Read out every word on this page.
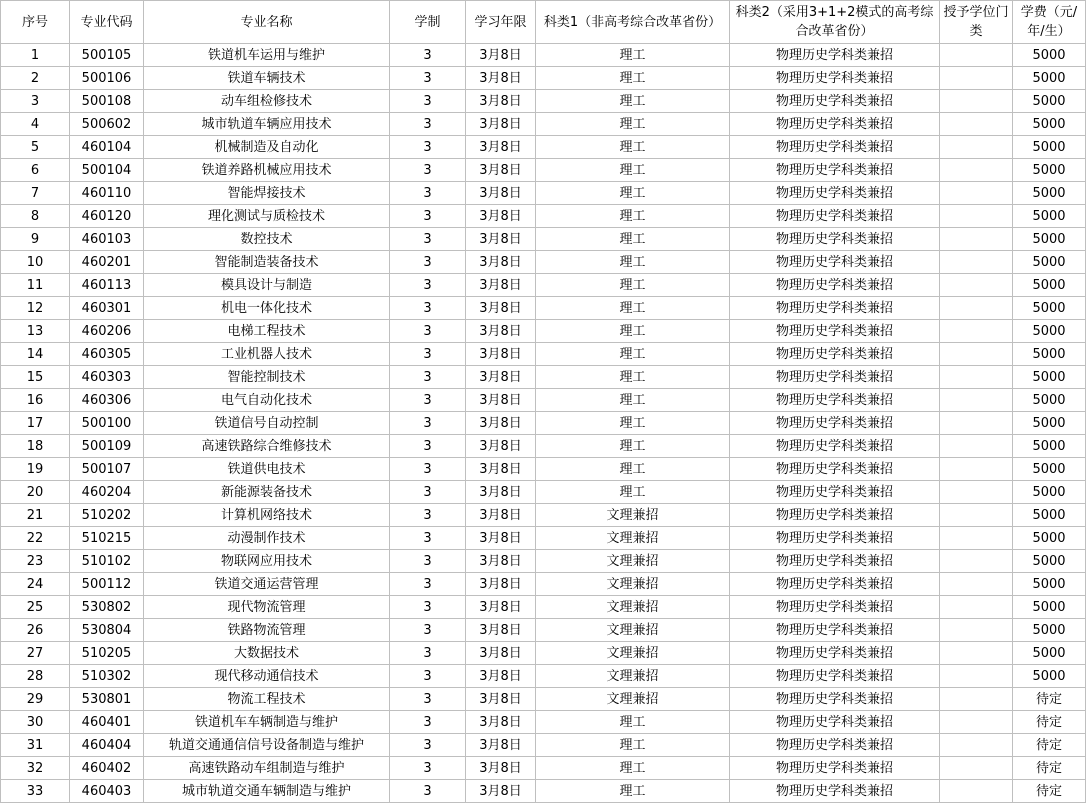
序号	专业代码	专业名称	学制	学习年限	科类1（非高考综合改革省份）	科类2（采用3+1+2模式的高考综合改革省份）	授予学位门类	学费（元/年/生）
1	500105	铁道机车运用与维护	3	3月8日	理工	物理历史学科类兼招		5000
2	500106	铁道车辆技术	3	3月8日	理工	物理历史学科类兼招		5000
3	500108	动车组检修技术	3	3月8日	理工	物理历史学科类兼招		5000
4	500602	城市轨道车辆应用技术	3	3月8日	理工	物理历史学科类兼招		5000
5	460104	机械制造及自动化	3	3月8日	理工	物理历史学科类兼招		5000
6	500104	铁道养路机械应用技术	3	3月8日	理工	物理历史学科类兼招		5000
7	460110	智能焊接技术	3	3月8日	理工	物理历史学科类兼招		5000
8	460120	理化测试与质检技术	3	3月8日	理工	物理历史学科类兼招		5000
9	460103	数控技术	3	3月8日	理工	物理历史学科类兼招		5000
10	460201	智能制造装备技术	3	3月8日	理工	物理历史学科类兼招		5000
11	460113	模具设计与制造	3	3月8日	理工	物理历史学科类兼招		5000
12	460301	机电一体化技术	3	3月8日	理工	物理历史学科类兼招		5000
13	460206	电梯工程技术	3	3月8日	理工	物理历史学科类兼招		5000
14	460305	工业机器人技术	3	3月8日	理工	物理历史学科类兼招		5000
15	460303	智能控制技术	3	3月8日	理工	物理历史学科类兼招		5000
16	460306	电气自动化技术	3	3月8日	理工	物理历史学科类兼招		5000
17	500100	铁道信号自动控制	3	3月8日	理工	物理历史学科类兼招		5000
18	500109	高速铁路综合维修技术	3	3月8日	理工	物理历史学科类兼招		5000
19	500107	铁道供电技术	3	3月8日	理工	物理历史学科类兼招		5000
20	460204	新能源装备技术	3	3月8日	理工	物理历史学科类兼招		5000
21	510202	计算机网络技术	3	3月8日	文理兼招	物理历史学科类兼招		5000
22	510215	动漫制作技术	3	3月8日	文理兼招	物理历史学科类兼招		5000
23	510102	物联网应用技术	3	3月8日	文理兼招	物理历史学科类兼招		5000
24	500112	铁道交通运营管理	3	3月8日	文理兼招	物理历史学科类兼招		5000
25	530802	现代物流管理	3	3月8日	文理兼招	物理历史学科类兼招		5000
26	530804	铁路物流管理	3	3月8日	文理兼招	物理历史学科类兼招		5000
27	510205	大数据技术	3	3月8日	文理兼招	物理历史学科类兼招		5000
28	510302	现代移动通信技术	3	3月8日	文理兼招	物理历史学科类兼招		5000
29	530801	物流工程技术	3	3月8日	文理兼招	物理历史学科类兼招		待定
30	460401	铁道机车车辆制造与维护	3	3月8日	理工	物理历史学科类兼招		待定
31	460404	轨道交通通信信号设备制造与维护	3	3月8日	理工	物理历史学科类兼招		待定
32	460402	高速铁路动车组制造与维护	3	3月8日	理工	物理历史学科类兼招		待定
33	460403	城市轨道交通车辆制造与维护	3	3月8日	理工	物理历史学科类兼招		待定
